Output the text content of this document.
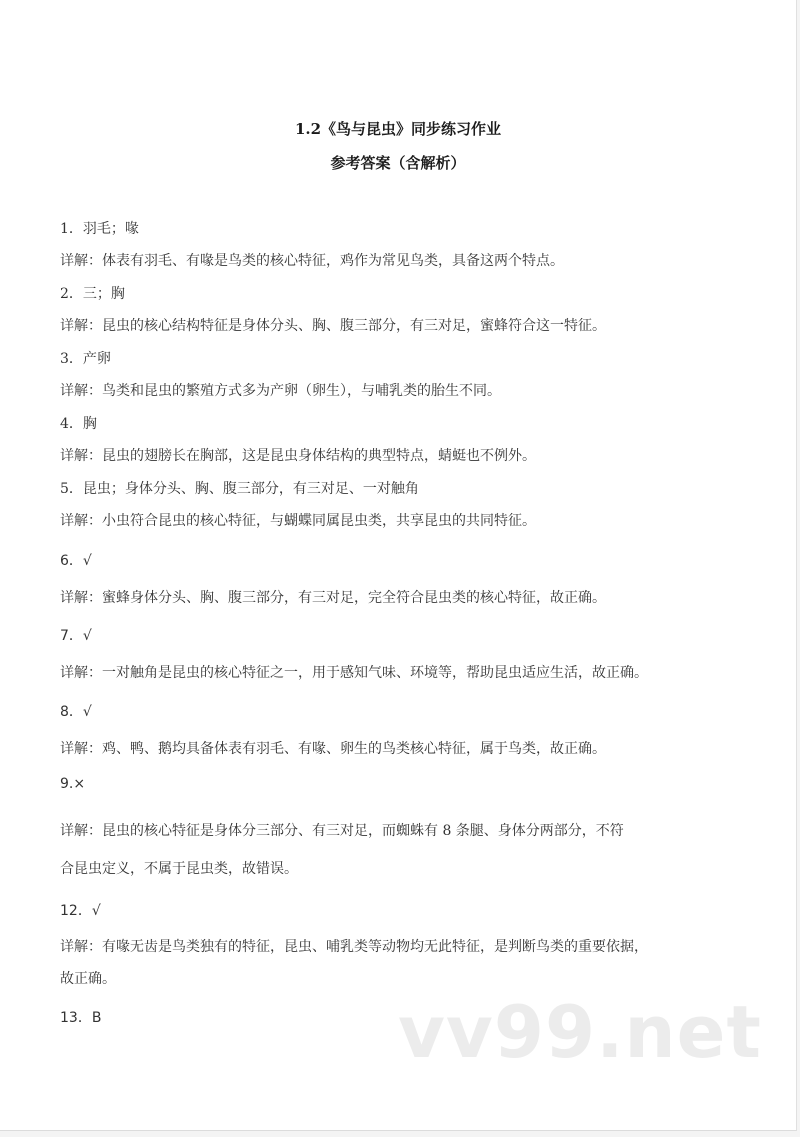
1.2《鸟与昆虫》同步练习作业
参考答案（含解析）
1．羽毛；喙
详解：体表有羽毛、有喙是鸟类的核心特征，鸡作为常见鸟类，具备这两个特点。
2．三；胸
详解：昆虫的核心结构特征是身体分头、胸、腹三部分，有三对足，蜜蜂符合这一特征。
3．产卵
详解：鸟类和昆虫的繁殖方式多为产卵（卵生），与哺乳类的胎生不同。
4．胸
详解：昆虫的翅膀长在胸部，这是昆虫身体结构的典型特点，蜻蜓也不例外。
5．昆虫；身体分头、胸、腹三部分，有三对足、一对触角
详解：小虫符合昆虫的核心特征，与蝴蝶同属昆虫类，共享昆虫的共同特征。
6．√
详解：蜜蜂身体分头、胸、腹三部分，有三对足，完全符合昆虫类的核心特征，故正确。
7．√
详解：一对触角是昆虫的核心特征之一，用于感知气味、环境等，帮助昆虫适应生活，故正确。
8．√
详解：鸡、鸭、鹅均具备体表有羽毛、有喙、卵生的鸟类核心特征，属于鸟类，故正确。
9.×
详解：昆虫的核心特征是身体分三部分、有三对足，而蜘蛛有 8 条腿、身体分两部分，不符
合昆虫定义，不属于昆虫类，故错误。
12．√
详解：有喙无齿是鸟类独有的特征，昆虫、哺乳类等动物均无此特征，是判断鸟类的重要依据，
故正确。
13．B	vv99.net
